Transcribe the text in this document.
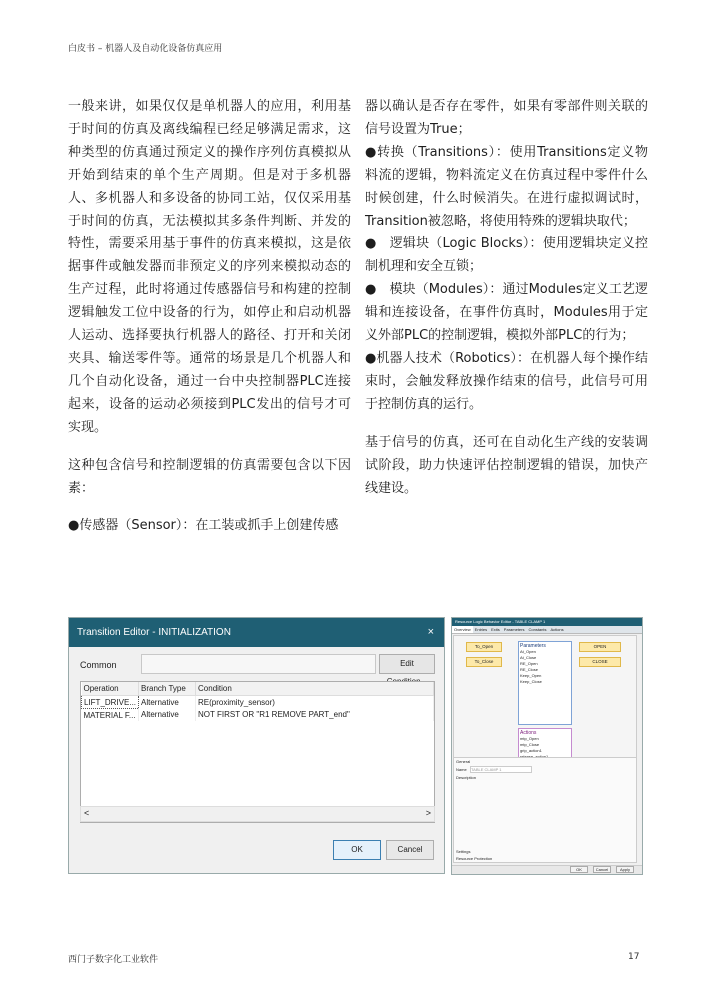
白皮书 – 机器人及自动化设备仿真应用

一般来讲，如果仅仅是单机器人的应用，利用基于时间的仿真及离线编程已经足够满足需求，这种类型的仿真通过预定义的操作序列仿真模拟从开始到结束的单个生产周期。但是对于多机器人、多机器人和多设备的协同工站，仅仅采用基于时间的仿真，无法模拟其多条件判断、并发的特性，需要采用基于事件的仿真来模拟，这是依据事件或触发器而非预定义的序列来模拟动态的生产过程，此时将通过传感器信号和构建的控制逻辑触发工位中设备的行为，如停止和启动机器人运动、选择要执行机器人的路径、打开和关闭夹具、输送零件等。通常的场景是几个机器人和几个自动化设备，通过一台中央控制器PLC连接起来，设备的运动必须接到PLC发出的信号才可实现。

这种包含信号和控制逻辑的仿真需要包含以下因素：

●传感器（Sensor）：在工装或抓手上创建传感

器以确认是否存在零件，如果有零部件则关联的信号设置为True；

●转换（Transitions）：使用Transitions定义物料流的逻辑，物料流定义在仿真过程中零件什么时候创建，什么时候消失。在进行虚拟调试时，Transition被忽略，将使用特殊的逻辑块取代；

●　逻辑块（Logic Blocks）：使用逻辑块定义控制机理和安全互锁；

●　模块（Modules）：通过Modules定义工艺逻辑和连接设备，在事件仿真时，Modules用于定义外部PLC的控制逻辑，模拟外部PLC的行为；

●机器人技术（Robotics）：在机器人每个操作结束时，会触发释放操作结束的信号，此信号可用于控制仿真的运行。

基于信号的仿真，还可在自动化生产线的安装调试阶段，助力快速评估控制逻辑的错误，加快产线建设。

Transition Editor - INITIALIZATION	×
Common	Edit
Operation	Branch Type	Condition
LIFT_DRIVE...	Alternative	RE(proximity_sensor)
MATERIAL F...	Alternative	NOT FIRST OR "R1 REMOVE PART_end"
<	>
OK	Cancel
Resource Logic Behavior Editor - TABLE CLAMP 1
Overview Entries Exits Parameters Constants Actions
To_Open
To_Close
OPEN
CLOSE
Parameters
At_Open
At_Close
RE_Open
RE_Close
Keep_Open
Keep_Close
Actions
mtp_Open
mtp_Close
grip_action1
General
Name TABLE CLAMP 1
Description
Settings
Resource Protection
OK	Cancel	Apply
西门子数字化工业软件	17
